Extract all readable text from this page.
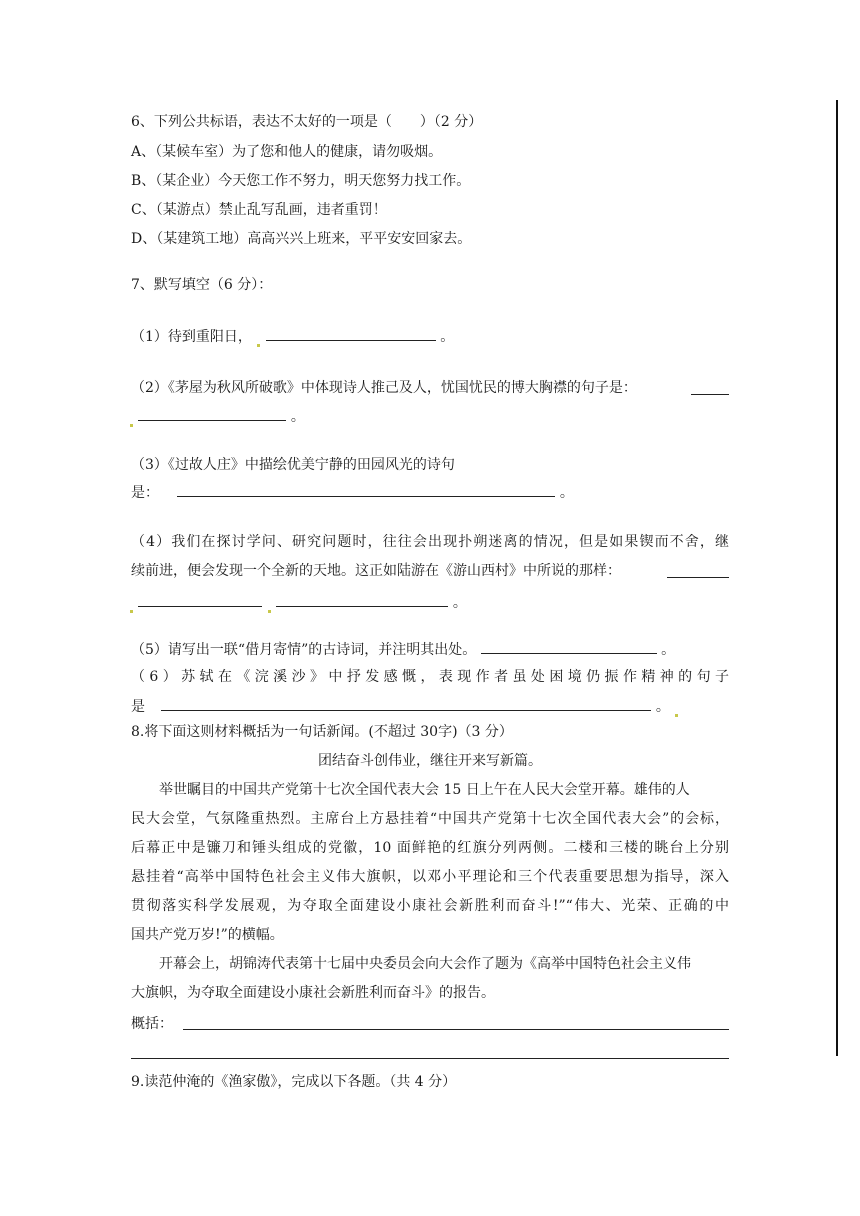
6、下列公共标语，表达不太好的一项是（　　）（2 分）
A、（某候车室）为了您和他人的健康，请勿吸烟。
B、（某企业）今天您工作不努力，明天您努力找工作。
C、（某游点）禁止乱写乱画，违者重罚！
D、（某建筑工地）高高兴兴上班来，平平安安回家去。
7、默写填空（6 分）：
（1）待到重阳日，	。
（2）《茅屋为秋风所破歌》中体现诗人推己及人，忧国忧民的博大胸襟的句子是：
。
（3）《过故人庄》中描绘优美宁静的田园风光的诗句
是：	。
（4）我们在探讨学问、研究问题时，往往会出现扑朔迷离的情况，但是如果锲而不舍，继
续前进，便会发现一个全新的天地。这正如陆游在《游山西村》中所说的那样：
。
（5）请写出一联“借月寄情”的古诗词，并注明其出处。	。
（6）苏轼在《浣溪沙》中抒发感慨，表现作者虽处困境仍振作精神的句子
是	。
8.将下面这则材料概括为一句话新闻。(不超过 30字)（3 分）
团结奋斗创伟业，继往开来写新篇。
举世瞩目的中国共产党第十七次全国代表大会 15 日上午在人民大会堂开幕。雄伟的人
民大会堂，气氛隆重热烈。主席台上方悬挂着“中国共产党第十七次全国代表大会”的会标，
后幕正中是镰刀和锤头组成的党徽，10 面鲜艳的红旗分列两侧。二楼和三楼的眺台上分别
悬挂着“高举中国特色社会主义伟大旗帜，以邓小平理论和三个代表重要思想为指导，深入
贯彻落实科学发展观，为夺取全面建设小康社会新胜利而奋斗!”“伟大、光荣、正确的中
国共产党万岁!”的横幅。
开幕会上，胡锦涛代表第十七届中央委员会向大会作了题为《高举中国特色社会主义伟
大旗帜，为夺取全面建设小康社会新胜利而奋斗》的报告。
概括：
9.读范仲淹的《渔家傲》，完成以下各题。（共 4 分）
